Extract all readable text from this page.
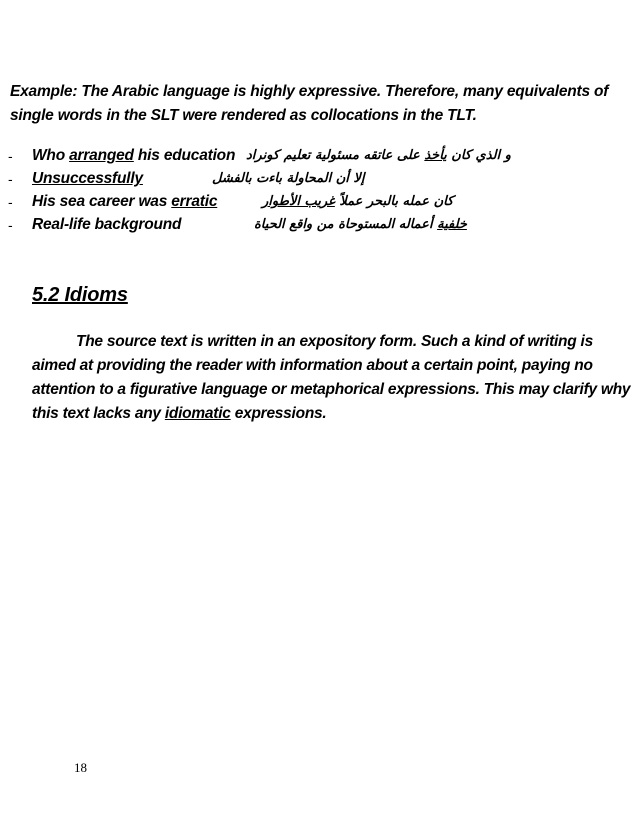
Example: The Arabic language is highly expressive. Therefore, many equivalents of single words in the SLT were rendered as collocations in the TLT.
- Who arranged his education	و الذي كان يأخذ على عاتقه مسئولية تعليم كونراد
- Unsuccessfully	إلا أن المحاولة باءت بالفشل
- His sea career was erratic	كان عمله بالبحر عملاً غريب الأطوار
- Real-life background	خلفية أعماله المستوحاة من واقع الحياة
5.2 Idioms
The source text is written in an expository form. Such a kind of writing is aimed at providing the reader with information about a certain point, paying no attention to a figurative language or metaphorical expressions. This may clarify why this text lacks any idiomatic expressions.
18
